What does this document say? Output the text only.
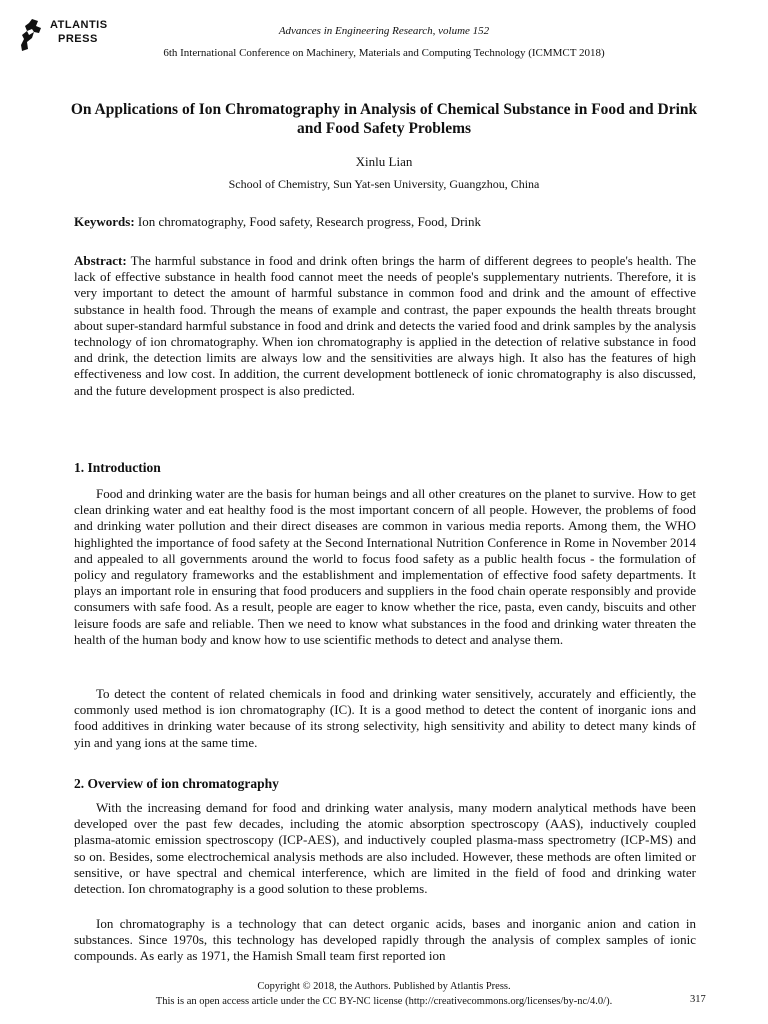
ATLANTIS
PRESS
Advances in Engineering Research, volume 152
6th International Conference on Machinery, Materials and Computing Technology (ICMMCT 2018)
On Applications of Ion Chromatography in Analysis of Chemical Substance in Food and Drink and Food Safety Problems
Xinlu Lian
School of Chemistry, Sun Yat-sen University, Guangzhou, China

Keywords: Ion chromatography, Food safety, Research progress, Food, Drink

Abstract: The harmful substance in food and drink often brings the harm of different degrees to people's health. The lack of effective substance in health food cannot meet the needs of people's supplementary nutrients. Therefore, it is very important to detect the amount of harmful substance in common food and drink and the amount of effective substance in health food. Through the means of example and contrast, the paper expounds the health threats brought about super-standard harmful substance in food and drink and detects the varied food and drink samples by the analysis technology of ion chromatography. When ion chromatography is applied in the detection of relative substance in food and drink, the detection limits are always low and the sensitivities are always high. It also has the features of high effectiveness and low cost. In addition, the current development bottleneck of ionic chromatography is also discussed, and the future development prospect is also predicted.

1. Introduction

Food and drinking water are the basis for human beings and all other creatures on the planet to survive. How to get clean drinking water and eat healthy food is the most important concern of all people. However, the problems of food and drinking water pollution and their direct diseases are common in various media reports. Among them, the WHO highlighted the importance of food safety at the Second International Nutrition Conference in Rome in November 2014 and appealed to all governments around the world to focus food safety as a public health focus - the formulation of policy and regulatory frameworks and the establishment and implementation of effective food safety departments. It plays an important role in ensuring that food producers and suppliers in the food chain operate responsibly and provide consumers with safe food. As a result, people are eager to know whether the rice, pasta, even candy, biscuits and other leisure foods are safe and reliable. Then we need to know what substances in the food and drinking water threaten the health of the human body and know how to use scientific methods to detect and analyse them.

To detect the content of related chemicals in food and drinking water sensitively, accurately and efficiently, the commonly used method is ion chromatography (IC). It is a good method to detect the content of inorganic ions and food additives in drinking water because of its strong selectivity, high sensitivity and ability to detect many kinds of yin and yang ions at the same time.

2. Overview of ion chromatography

With the increasing demand for food and drinking water analysis, many modern analytical methods have been developed over the past few decades, including the atomic absorption spectroscopy (AAS), inductively coupled plasma-atomic emission spectroscopy (ICP-AES), and inductively coupled plasma-mass spectrometry (ICP-MS) and so on. Besides, some electrochemical analysis methods are also included. However, these methods are often limited or sensitive, or have spectral and chemical interference, which are limited in the field of food and drinking water detection. Ion chromatography is a good solution to these problems.

Ion chromatography is a technology that can detect organic acids, bases and inorganic anion and cation in substances. Since 1970s, this technology has developed rapidly through the analysis of complex samples of ionic compounds. As early as 1971, the Hamish Small team first reported ion

Copyright © 2018, the Authors. Published by Atlantis Press.
This is an open access article under the CC BY-NC license (http://creativecommons.org/licenses/by-nc/4.0/).	317
